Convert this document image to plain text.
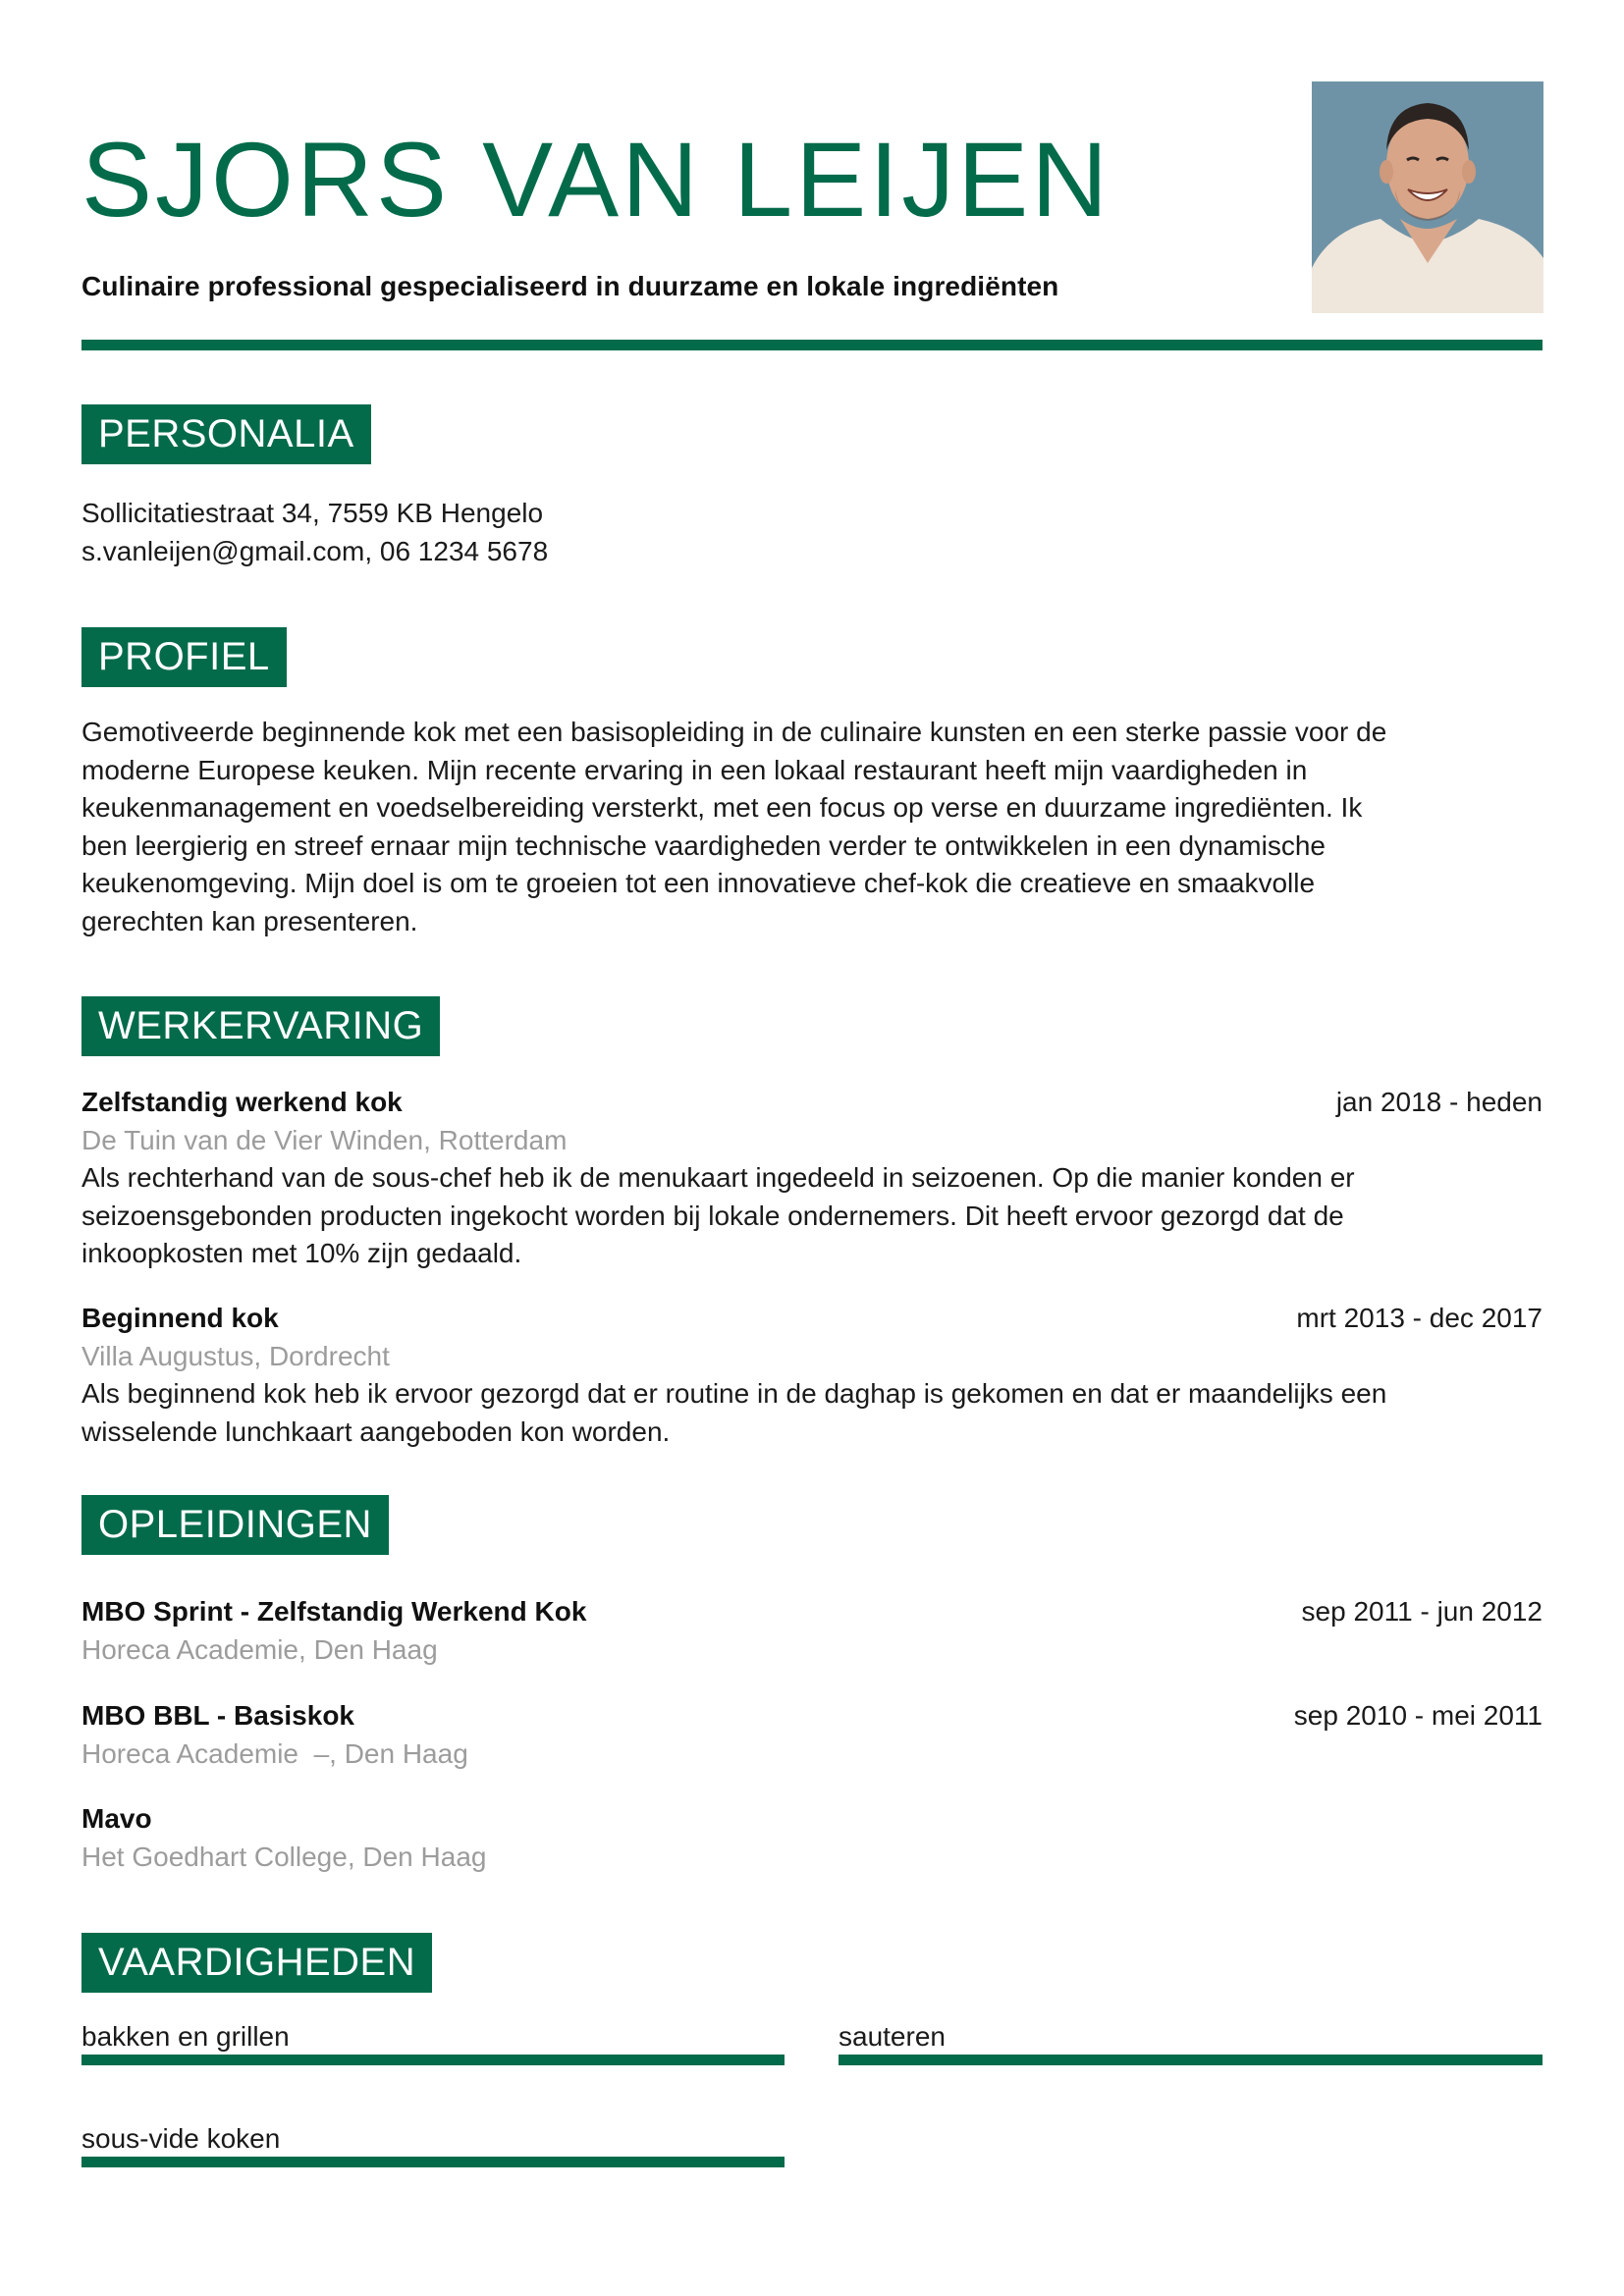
SJORS VAN LEIJEN
Culinaire professional gespecialiseerd in duurzame en lokale ingrediënten
PERSONALIA
Sollicitatiestraat 34, 7559 KB Hengelo
s.vanleijen@gmail.com, 06 1234 5678
PROFIEL
Gemotiveerde beginnende kok met een basisopleiding in de culinaire kunsten en een sterke passie voor de
moderne Europese keuken. Mijn recente ervaring in een lokaal restaurant heeft mijn vaardigheden in
keukenmanagement en voedselbereiding versterkt, met een focus op verse en duurzame ingrediënten. Ik
ben leergierig en streef ernaar mijn technische vaardigheden verder te ontwikkelen in een dynamische
keukenomgeving. Mijn doel is om te groeien tot een innovatieve chef-kok die creatieve en smaakvolle
gerechten kan presenteren.
WERKERVARING
Zelfstandig werkend kok	jan 2018 - heden
De Tuin van de Vier Winden, Rotterdam
Als rechterhand van de sous-chef heb ik de menukaart ingedeeld in seizoenen. Op die manier konden er
seizoensgebonden producten ingekocht worden bij lokale ondernemers. Dit heeft ervoor gezorgd dat de
inkoopkosten met 10% zijn gedaald.
Beginnend kok	mrt 2013 - dec 2017
Villa Augustus, Dordrecht
Als beginnend kok heb ik ervoor gezorgd dat er routine in de daghap is gekomen en dat er maandelijks een
wisselende lunchkaart aangeboden kon worden.
OPLEIDINGEN
MBO Sprint - Zelfstandig Werkend Kok	sep 2011 - jun 2012
Horeca Academie, Den Haag
MBO BBL - Basiskok	sep 2010 - mei 2011
Horeca Academie  –, Den Haag
Mavo
Het Goedhart College, Den Haag
VAARDIGHEDEN
bakken en grillen	sauteren
sous-vide koken
